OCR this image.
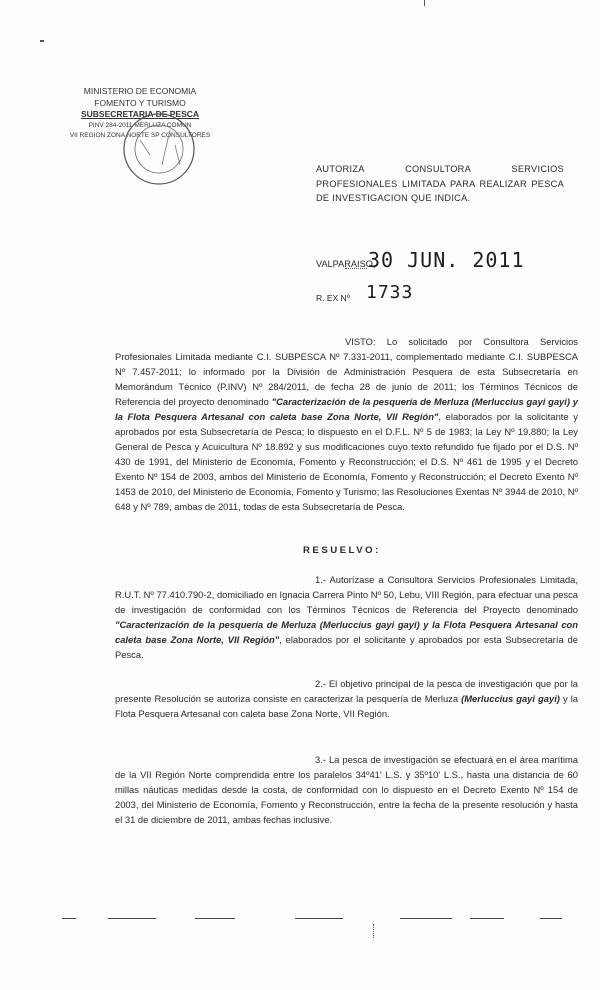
MINISTERIO DE ECONOMIA
FOMENTO Y TURISMO
SUBSECRETARIA DE PESCA
PINV 284-2011 MERLUZA COMUN
VII REGION ZONA NORTE SP CONSULTORES
AUTORIZA CONSULTORA SERVICIOS PROFESIONALES LIMITADA PARA REALIZAR PESCA DE INVESTIGACION QUE INDICA.
VALPARAISO,
30 JUN. 2011
R. EX Nº 1733
VISTO: Lo solicitado por Consultora Servicios Profesionales Limitada mediante C.I. SUBPESCA Nº 7.331-2011, complementado mediante C.I. SUBPESCA Nº 7.457-2011; lo informado por la División de Administración Pesquera de esta Subsecretaría en Memorándum Técnico (P.INV) Nº 284/2011, de fecha 28 de junio de 2011; los Términos Técnicos de Referencia del proyecto denominado "Caracterización de la pesquería de Merluza (Merluccius gayi gayi) y la Flota Pesquera Artesanal con caleta base Zona Norte, VII Región", elaborados por la solicitante y aprobados por esta Subsecretaría de Pesca; lo dispuesto en el D.F.L. Nº 5 de 1983; la Ley Nº 19.880; la Ley General de Pesca y Acuicultura Nº 18.892 y sus modificaciones cuyo texto refundido fue fijado por el D.S. Nº 430 de 1991, del Ministerio de Economía, Fomento y Reconstrucción; el D.S. Nº 461 de 1995 y el Decreto Exento Nº 154 de 2003, ambos del Ministerio de Economía, Fomento y Reconstrucción; el Decreto Exento Nº 1453 de 2010, del Ministerio de Economía, Fomento y Turismo; las Resoluciones Exentas Nº 3944 de 2010, Nº 648 y Nº 789, ambas de 2011, todas de esta Subsecretaría de Pesca.
RESUELVO:
1.- Autorízase a Consultora Servicios Profesionales Limitada, R.U.T. Nº 77.410.790-2, domiciliado en Ignacia Carrera Pinto Nº 50, Lebu, VIII Región, para efectuar una pesca de investigación de conformidad con los Términos Técnicos de Referencia del Proyecto denominado "Caracterización de la pesquería de Merluza (Merluccius gayi gayi) y la Flota Pesquera Artesanal con caleta base Zona Norte, VII Región", elaborados por el solicitante y aprobados por esta Subsecretaría de Pesca.
2.- El objetivo principal de la pesca de investigación que por la presente Resolución se autoriza consiste en caracterizar la pesquería de Merluza (Merluccius gayi gayi) y la Flota Pesquera Artesanal con caleta base Zona Norte, VII Región.
3.- La pesca de investigación se efectuará en el área marítima de la VII Región Norte comprendida entre los paralelos 34º41' L.S. y 35º10' L.S., hasta una distancia de 60 millas náuticas medidas desde la costa, de conformidad con lo dispuesto en el Decreto Exento Nº 154 de 2003, del Ministerio de Economía, Fomento y Reconstrucción, entre la fecha de la presente resolución y hasta el 31 de diciembre de 2011, ambas fechas inclusive.
